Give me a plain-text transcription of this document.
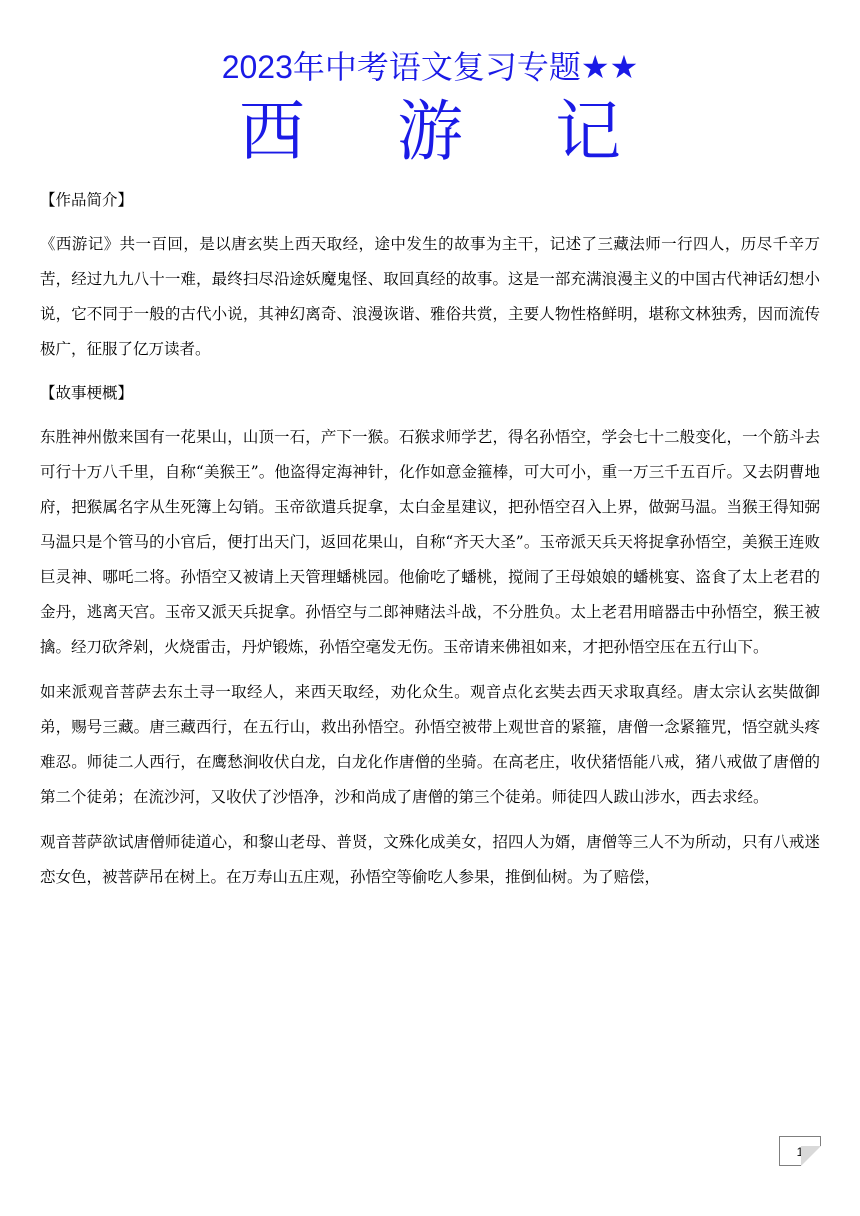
2023年中考语文复习专题★★
西 游 记
【作品简介】

《西游记》共一百回，是以唐玄奘上西天取经，途中发生的故事为主干，记述了三藏法师一行四人，历尽千辛万苦，经过九九八十一难，最终扫尽沿途妖魔鬼怪、取回真经的故事。这是一部充满浪漫主义的中国古代神话幻想小说，它不同于一般的古代小说，其神幻离奇、浪漫诙谐、雅俗共赏，主要人物性格鲜明，堪称文林独秀，因而流传极广，征服了亿万读者。

【故事梗概】

东胜神州傲来国有一花果山，山顶一石，产下一猴。石猴求师学艺，得名孙悟空，学会七十二般变化，一个筋斗去可行十万八千里，自称“美猴王”。他盗得定海神针，化作如意金箍棒，可大可小，重一万三千五百斤。又去阴曹地府，把猴属名字从生死簿上勾销。玉帝欲遣兵捉拿，太白金星建议，把孙悟空召入上界，做弼马温。当猴王得知弼马温只是个管马的小官后，便打出天门，返回花果山，自称“齐天大圣”。玉帝派天兵天将捉拿孙悟空，美猴王连败巨灵神、哪吒二将。孙悟空又被请上天管理蟠桃园。他偷吃了蟠桃，搅闹了王母娘娘的蟠桃宴、盗食了太上老君的金丹，逃离天宫。玉帝又派天兵捉拿。孙悟空与二郎神赌法斗战，不分胜负。太上老君用暗器击中孙悟空，猴王被擒。经刀砍斧剁，火烧雷击，丹炉锻炼，孙悟空毫发无伤。玉帝请来佛祖如来，才把孙悟空压在五行山下。

如来派观音菩萨去东土寻一取经人，来西天取经，劝化众生。观音点化玄奘去西天求取真经。唐太宗认玄奘做御弟，赐号三藏。唐三藏西行，在五行山，救出孙悟空。孙悟空被带上观世音的紧箍，唐僧一念紧箍咒，悟空就头疼难忍。师徒二人西行，在鹰愁涧收伏白龙，白龙化作唐僧的坐骑。在高老庄，收伏猪悟能八戒，猪八戒做了唐僧的第二个徒弟；在流沙河，又收伏了沙悟净，沙和尚成了唐僧的第三个徒弟。师徒四人跋山涉水，西去求经。

观音菩萨欲试唐僧师徒道心，和黎山老母、普贤，文殊化成美女，招四人为婿，唐僧等三人不为所动，只有八戒迷恋女色，被菩萨吊在树上。在万寿山五庄观，孙悟空等偷吃人参果，推倒仙树。为了赔偿，

1
